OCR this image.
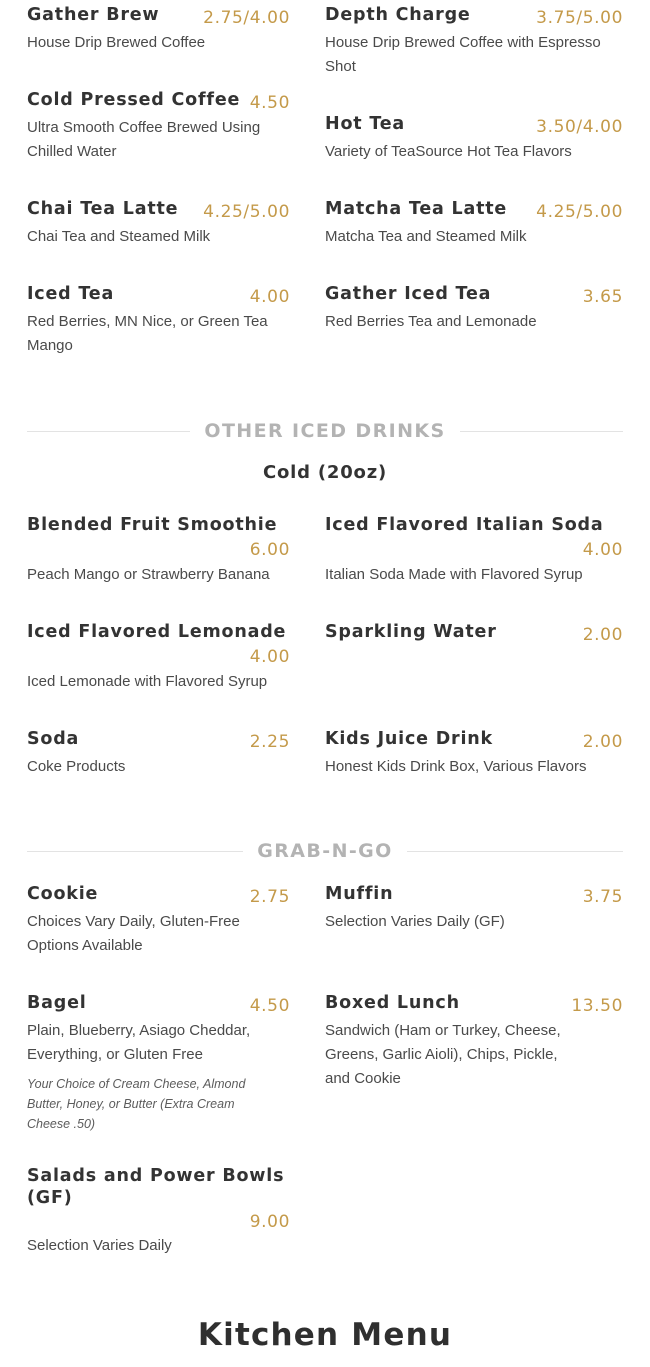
Gather Brew	2.75/4.00
House Drip Brewed Coffee
Depth Charge	3.75/5.00
House Drip Brewed Coffee with Espresso Shot
Cold Pressed Coffee 4.50
Ultra Smooth Coffee Brewed Using Chilled Water
Hot Tea	3.50/4.00
Variety of TeaSource Hot Tea Flavors
Chai Tea Latte 4.25/5.00
Chai Tea and Steamed Milk
Matcha Tea Latte 4.25/5.00
Matcha Tea and Steamed Milk
Iced Tea	4.00
Red Berries, MN Nice, or Green Tea Mango
Gather Iced Tea	3.65
Red Berries Tea and Lemonade
OTHER ICED DRINKS
Cold (20oz)
Blended Fruit Smoothie
6.00
Peach Mango or Strawberry Banana
Iced Flavored Italian Soda
4.00
Italian Soda Made with Flavored Syrup
Iced Flavored Lemonade
4.00
Iced Lemonade with Flavored Syrup
Sparkling Water	2.00
Soda	2.25
Coke Products
Kids Juice Drink	2.00
Honest Kids Drink Box, Various Flavors
GRAB-N-GO
Cookie	2.75
Choices Vary Daily, Gluten-Free Options Available
Muffin	3.75
Selection Varies Daily (GF)
Bagel	4.50
Plain, Blueberry, Asiago Cheddar, Everything, or Gluten Free
Your Choice of Cream Cheese, Almond Butter, Honey, or Butter (Extra Cream Cheese .50)
Boxed Lunch	13.50
Sandwich (Ham or Turkey, Cheese, Greens, Garlic Aioli), Chips, Pickle, and Cookie
Salads and Power Bowls (GF)
9.00
Selection Varies Daily
Kitchen Menu
